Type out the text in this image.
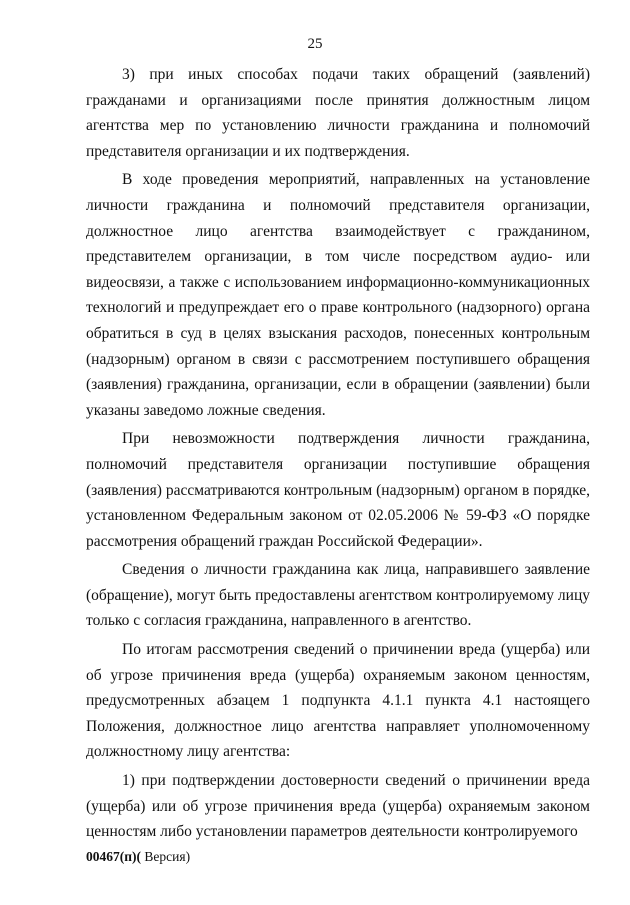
25

3) при иных способах подачи таких обращений (заявлений) гражданами и организациями после принятия должностным лицом агентства мер по установлению личности гражданина и полномочий представителя организации и их подтверждения.

В ходе проведения мероприятий, направленных на установление личности гражданина и полномочий представителя организации, должностное лицо агентства взаимодействует с гражданином, представителем организации, в том числе посредством аудио- или видеосвязи, а также с использованием информационно-коммуникационных технологий и предупреждает его о праве контрольного (надзорного) органа обратиться в суд в целях взыскания расходов, понесенных контрольным (надзорным) органом в связи с рассмотрением поступившего обращения (заявления) гражданина, организации, если в обращении (заявлении) были указаны заведомо ложные сведения.

При невозможности подтверждения личности гражданина, полномочий представителя организации поступившие обращения (заявления) рассматриваются контрольным (надзорным) органом в порядке, установленном Федеральным законом от 02.05.2006 № 59-ФЗ «О порядке рассмотрения обращений граждан Российской Федерации».

Сведения о личности гражданина как лица, направившего заявление (обращение), могут быть предоставлены агентством контролируемому лицу только с согласия гражданина, направленного в агентство.

По итогам рассмотрения сведений о причинении вреда (ущерба) или об угрозе причинения вреда (ущерба) охраняемым законом ценностям, предусмотренных абзацем 1 подпункта 4.1.1 пункта 4.1 настоящего Положения, должностное лицо агентства направляет уполномоченному должностному лицу агентства:

1) при подтверждении достоверности сведений о причинении вреда (ущерба) или об угрозе причинения вреда (ущерба) охраняемым законом ценностям либо установлении параметров деятельности контролируемого

00467(п)( Версия)
